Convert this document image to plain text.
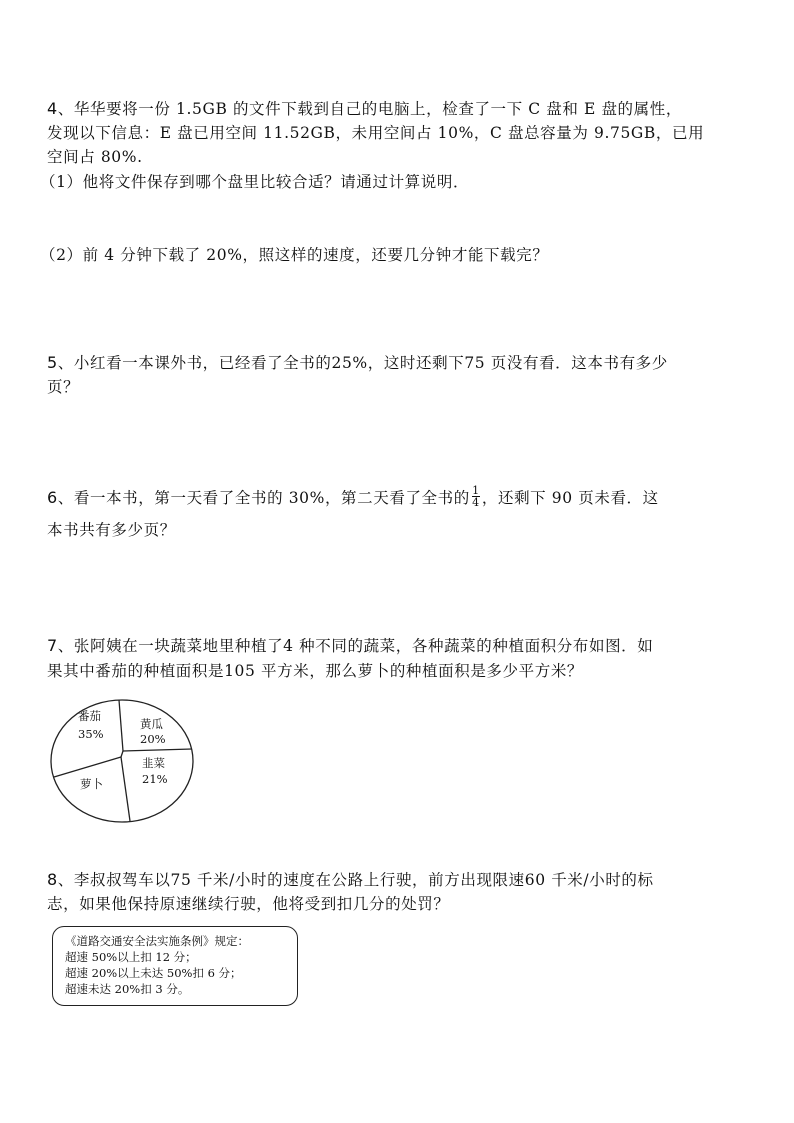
4、华华要将一份 1.5GB 的文件下载到自己的电脑上，检查了一下 C 盘和 E 盘的属性，

发现以下信息：E 盘已用空间 11.52GB，未用空间占 10%，C 盘总容量为 9.75GB，已用

空间占 80%.

（1）他将文件保存到哪个盘里比较合适？请通过计算说明．

（2）前 4 分钟下载了 20%，照这样的速度，还要几分钟才能下载完？

5、小红看一本课外书，已经看了全书的25%，这时还剩下75 页没有看．这本书有多少

页？

6、看一本书，第一天看了全书的 30%，第二天看了全书的 $\frac{1}{4}$ ，还剩下 90 页未看．这

本书共有多少页？

7、张阿姨在一块蔬菜地里种植了4 种不同的蔬菜，各种蔬菜的种植面积分布如图．如

果其中番茄的种植面积是105 平方米，那么萝卜的种植面积是多少平方米？

番茄
35%
黄瓜
20%
韭菜
21%
萝卜

8、李叔叔驾车以75 千米/小时的速度在公路上行驶，前方出现限速60 千米/小时的标

志，如果他保持原速继续行驶，他将受到扣几分的处罚？

《道路交通安全法实施条例》规定：
超速 50%以上扣 12 分；
超速 20%以上未达 50%扣 6 分；
超速未达 20%扣 3 分。
